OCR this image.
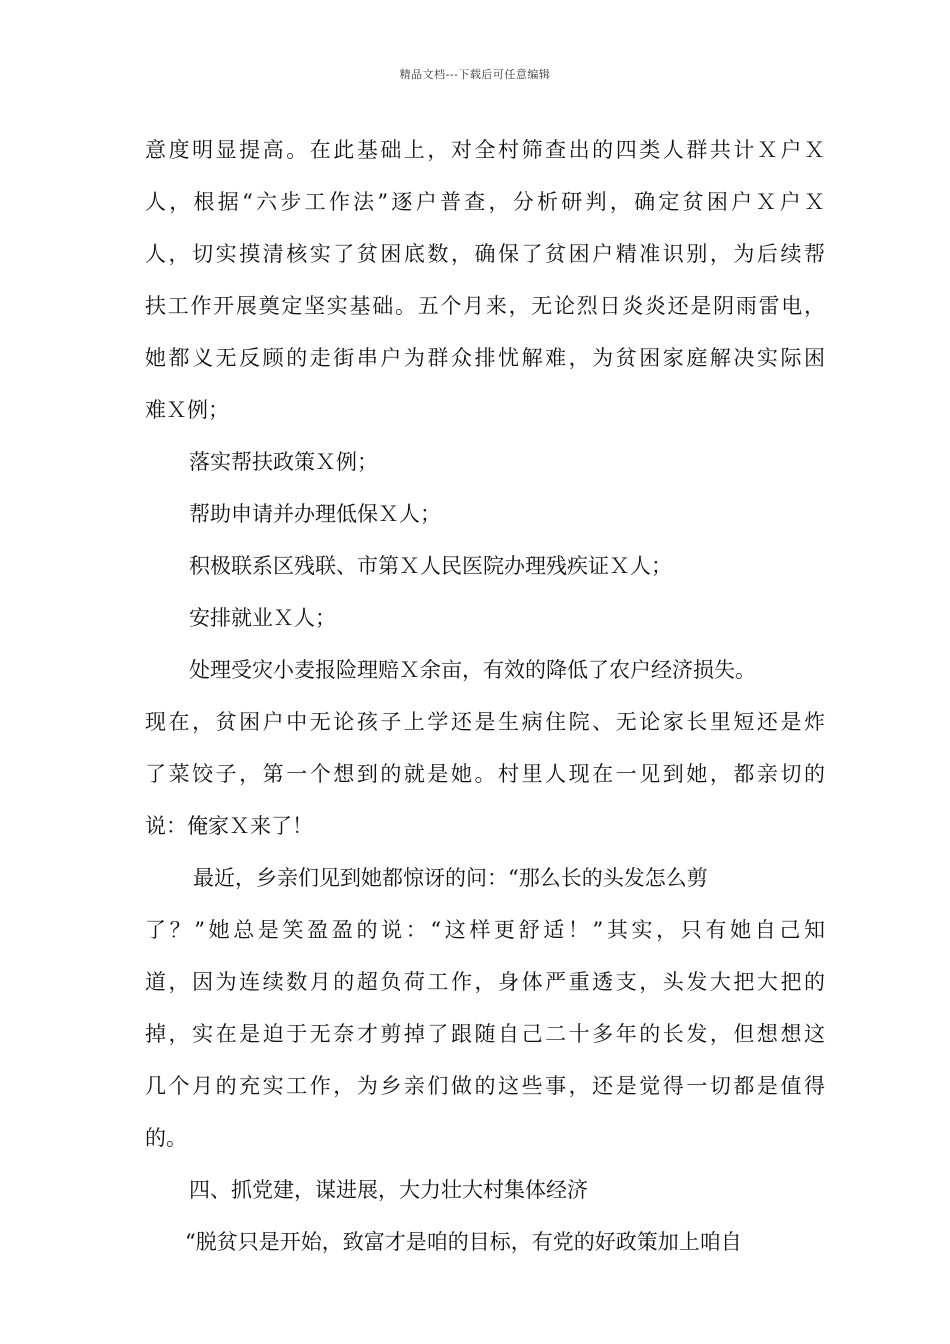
精品文档---下载后可任意编辑
意度明显提高。在此基础上，对全村筛查出的四类人群共计Ｘ户Ｘ
人，根据“六步工作法”逐户普查，分析研判，确定贫困户Ｘ户Ｘ
人，切实摸清核实了贫困底数，确保了贫困户精准识别，为后续帮
扶工作开展奠定坚实基础。五个月来，无论烈日炎炎还是阴雨雷电，
她都义无反顾的走街串户为群众排忧解难，为贫困家庭解决实际困
难Ｘ例；
落实帮扶政策Ｘ例；
帮助申请并办理低保Ｘ人；
积极联系区残联、市第Ｘ人民医院办理残疾证Ｘ人；
安排就业Ｘ人；
处理受灾小麦报险理赔Ｘ余亩，有效的降低了农户经济损失。
现在，贫困户中无论孩子上学还是生病住院、无论家长里短还是炸
了菜饺子，第一个想到的就是她。村里人现在一见到她，都亲切的
说：俺家Ｘ来了！
最近，乡亲们见到她都惊讶的问：“那么长的头发怎么剪
了？”她总是笑盈盈的说：“这样更舒适！”其实，只有她自己知
道，因为连续数月的超负荷工作，身体严重透支，头发大把大把的
掉，实在是迫于无奈才剪掉了跟随自己二十多年的长发，但想想这
几个月的充实工作，为乡亲们做的这些事，还是觉得一切都是值得
的。
四、抓党建，谋进展，大力壮大村集体经济
“脱贫只是开始，致富才是咱的目标，有党的好政策加上咱自
